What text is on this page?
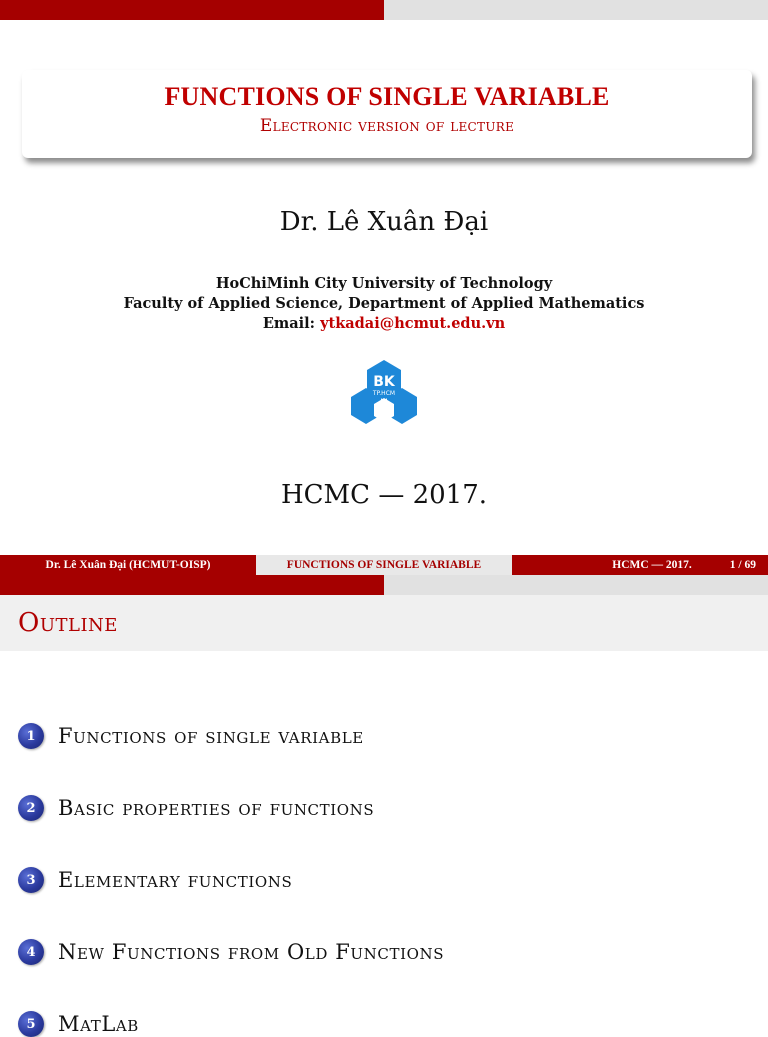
FUNCTIONS OF SINGLE VARIABLE
Electronic version of lecture
Dr. Lê Xuân Đại
HoChiMinh City University of Technology
Faculty of Applied Science, Department of Applied Mathematics
Email: ytkadai@hcmut.edu.vn
BK
TP.HCM
HCMC — 2017.
Dr. Lê Xuân Đại (HCMUT-OISP)	FUNCTIONS OF SINGLE VARIABLE	HCMC — 2017.	1 / 69
Outline
1	Functions of single variable
2	Basic properties of functions
3	Elementary functions
4	New Functions from Old Functions
5	MatLab
